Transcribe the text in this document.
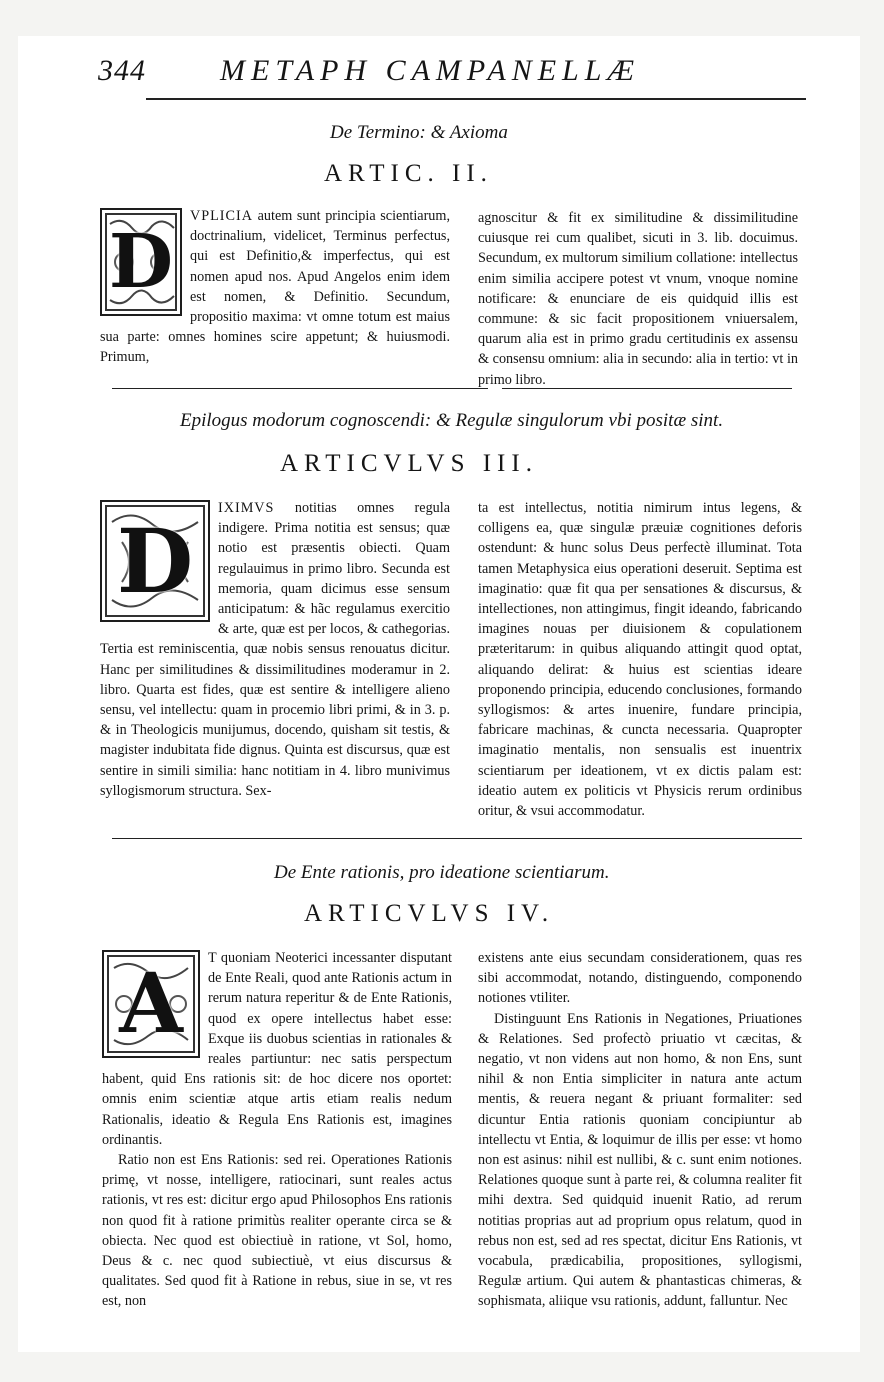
344 METAPH CAMPANELLÆ
De Termino: & Axioma
ARTIC. II.

D
VPLICIA autem sunt principia scientiarum, doctrinalium, videlicet, Terminus perfectus, qui est Definitio,& imperfectus, qui est nomen apud nos. Apud Angelos enim idem est nomen, & Definitio. Secundum, propositio maxima: vt omne totum est maius sua parte: omnes homines scire appetunt; & huiusmodi. Primum,

agnoscitur & fit ex similitudine & dissimilitudine cuiusque rei cum qualibet, sicuti in 3. lib. docuimus. Secundum, ex multorum similium collatione: intellectus enim similia accipere potest vt vnum, vnoque nomine notificare: & enunciare de eis quidquid illis est commune: & sic facit propositionem vniuersalem, quarum alia est in primo gradu certitudinis ex assensu & consensu omnium: alia in secundo: alia in tertio: vt in primo libro.

Epilogus modorum cognoscendi: & Regulæ singulorum vbi positæ sint.
ARTICVLVS III.

D
IXIMVS notitias omnes regula indigere. Prima notitia est sensus; quæ notio est præsentis obiecti. Quam regulauimus in primo libro. Secunda est memoria, quam dicimus esse sensum anticipatum: & hãc regulamus exercitio & arte, quæ est per locos, & cathegorias. Tertia est reminiscentia, quæ nobis sensus renouatus dicitur. Hanc per similitudines & dissimilitudines moderamur in 2. libro. Quarta est fides, quæ est sentire & intelligere alieno sensu, vel intellectu: quam in procemio libri primi, & in 3. p. & in Theologicis munijumus, docendo, quisham sit testis, & magister indubitata fide dignus. Quinta est discursus, quæ est sentire in simili similia: hanc notitiam in 4. libro munivimus syllogismorum structura. Sex-

ta est intellectus, notitia nimirum intus legens, & colligens ea, quæ singulæ præuiæ cognitiones deforis ostendunt: & hunc solus Deus perfectè illuminat. Tota tamen Metaphysica eius operationi deseruit. Septima est imaginatio: quæ fit qua per sensationes & discursus, & intellectiones, non attingimus, fingit ideando, fabricando imagines nouas per diuisionem & copulationem præteritarum: in quibus aliquando attingit quod optat, aliquando delirat: & huius est scientias ideare proponendo principia, educendo conclusiones, formando syllogismos: & artes inuenire, fundare principia, fabricare machinas, & cuncta necessaria. Quapropter imaginatio mentalis, non sensualis est inuentrix scientiarum per ideationem, vt ex dictis palam est: ideatio autem ex politicis vt Physicis rerum ordinibus oritur, & vsui accommodatur.

De Ente rationis, pro ideatione scientiarum.
ARTICVLVS IV.

A	T quoniam Neoterici incessanter disputant de Ente Reali, quod ante Rationis actum in rerum natura reperitur & de Ente Rationis, quod ex opere intellectus habet esse: Exque iis duobus scientias in rationales & reales partiuntur: nec satis perspectum habent, quid Ens rationis sit: de hoc dicere nos oportet: omnis enim scientiæ atque artis etiam realis nedum Rationalis, ideatio & Regula Ens Rationis est, imagines ordinantis.

Ratio non est Ens Rationis: sed rei. Operationes Rationis primę, vt nosse, intelligere, ratiocinari, sunt reales actus rationis, vt res est: dicitur ergo apud Philosophos Ens rationis non quod fit à ratione primitùs realiter operante circa se & obiecta. Nec quod est obiectiuè in ratione, vt Sol, homo, Deus & c. nec quod subiectiuè, vt eius discursus & qualitates. Sed quod fit à Ratione in rebus, siue in se, vt res est, non

existens ante eius secundam considerationem, quas res sibi accommodat, notando, distinguendo, componendo notiones vtiliter.

Distinguunt Ens Rationis in Negationes, Priuationes & Relationes. Sed profectò priuatio vt cæcitas, & negatio, vt non videns aut non homo, & non Ens, sunt nihil & non Entia simpliciter in natura ante actum mentis, & reuera negant & priuant formaliter: sed dicuntur Entia rationis quoniam concipiuntur ab intellectu vt Entia, & loquimur de illis per esse: vt homo non est asinus: nihil est nullibi, & c. sunt enim notiones. Relationes quoque sunt à parte rei, & columna realiter fit mihi dextra. Sed quidquid inuenit Ratio, ad rerum notitias proprias aut ad proprium opus relatum, quod in rebus non est, sed ad res spectat, dicitur Ens Rationis, vt vocabula, prædicabilia, propositiones, syllogismi, Regulæ artium. Qui autem & phantasticas chimeras, & sophismata, aliique vsu rationis, addunt, falluntur. Nec
